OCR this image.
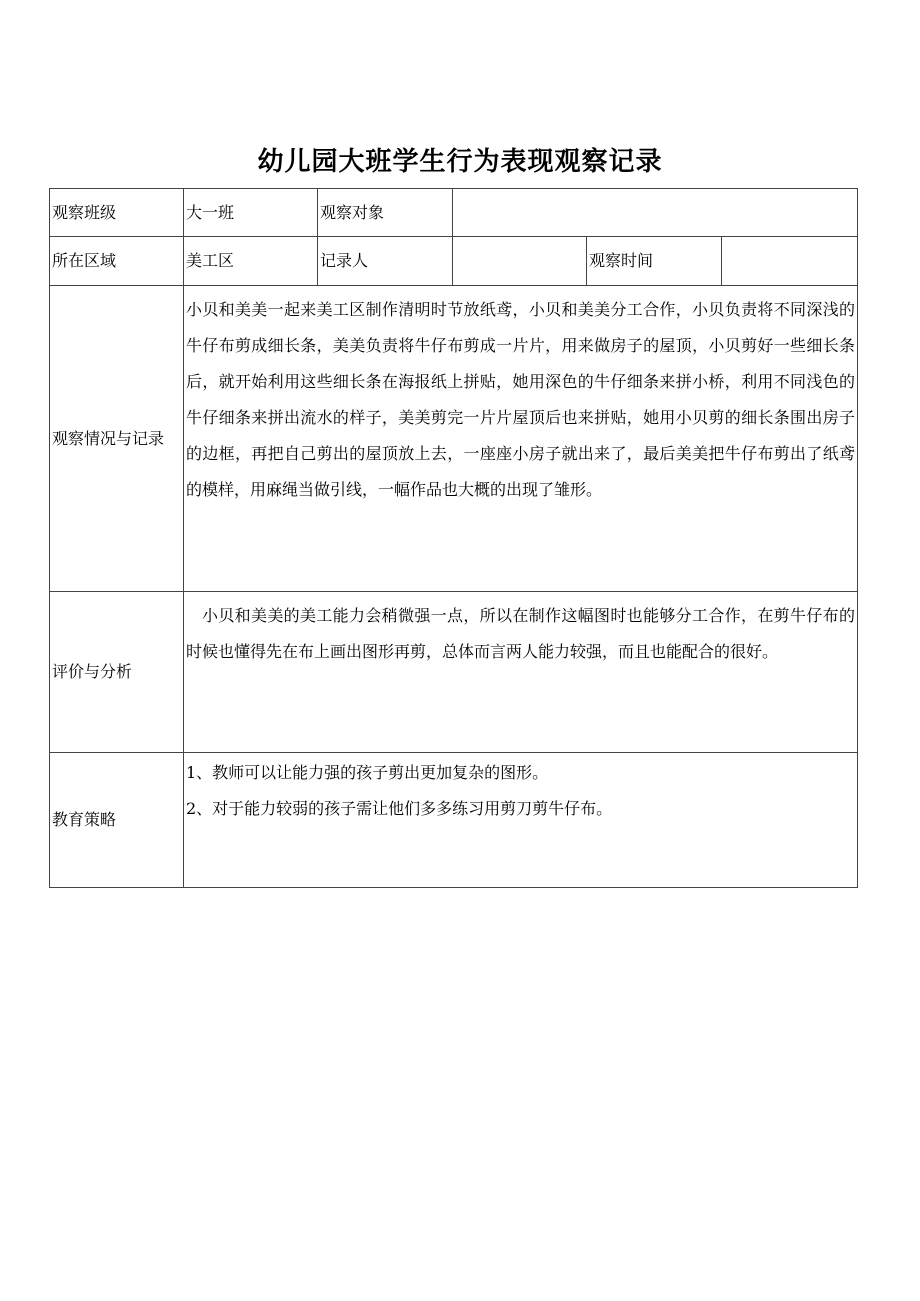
幼儿园大班学生行为表现观察记录
观察班级	大一班	观察对象			
所在区域	美工区	记录人		观察时间	
观察情况与记录	小贝和美美一起来美工区制作清明时节放纸鸢，小贝和美美分工合作，小贝负责将不同深浅的牛仔布剪成细长条，美美负责将牛仔布剪成一片片，用来做房子的屋顶，小贝剪好一些细长条后，就开始利用这些细长条在海报纸上拼贴，她用深色的牛仔细条来拼小桥，利用不同浅色的牛仔细条来拼出流水的样子，美美剪完一片片屋顶后也来拼贴，她用小贝剪的细长条围出房子的边框，再把自己剪出的屋顶放上去，一座座小房子就出来了，最后美美把牛仔布剪出了纸鸢的模样，用麻绳当做引线，一幅作品也大概的出现了雏形。				

评价与分析	小贝和美美的美工能力会稍微强一点，所以在制作这幅图时也能够分工合作，在剪牛仔布的时候也懂得先在布上画出图形再剪，总体而言两人能力较强，而且也能配合的很好。				

教育策略	1、教师可以让能力强的孩子剪出更加复杂的图形。

2、对于能力较弱的孩子需让他们多多练习用剪刀剪牛仔布。				
